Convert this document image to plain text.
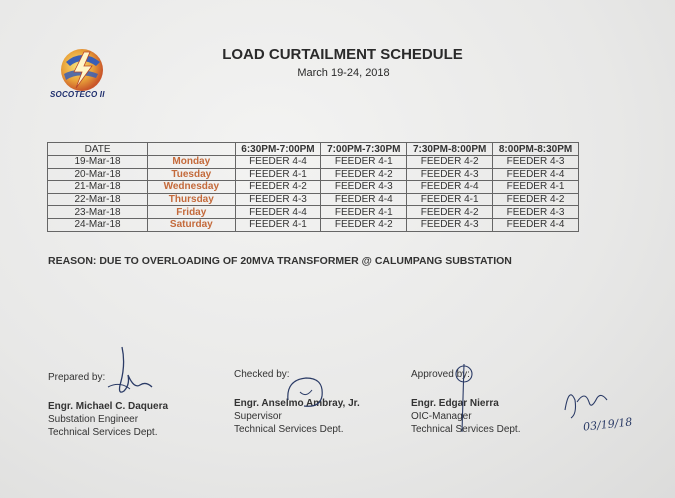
SOCOTECO II
LOAD CURTAILMENT SCHEDULE
March 19-24, 2018
DATE		6:30PM-7:00PM	7:00PM-7:30PM	7:30PM-8:00PM	8:00PM-8:30PM
19-Mar-18	Monday	FEEDER 4-4	FEEDER 4-1	FEEDER 4-2	FEEDER 4-3
20-Mar-18	Tuesday	FEEDER 4-1	FEEDER 4-2	FEEDER 4-3	FEEDER 4-4
21-Mar-18	Wednesday	FEEDER 4-2	FEEDER 4-3	FEEDER 4-4	FEEDER 4-1
22-Mar-18	Thursday	FEEDER 4-3	FEEDER 4-4	FEEDER 4-1	FEEDER 4-2
23-Mar-18	Friday	FEEDER 4-4	FEEDER 4-1	FEEDER 4-2	FEEDER 4-3
24-Mar-18	Saturday	FEEDER 4-1	FEEDER 4-2	FEEDER 4-3	FEEDER 4-4
REASON: DUE TO OVERLOADING OF 20MVA TRANSFORMER @ CALUMPANG SUBSTATION
Prepared by:
Engr. Michael C. Daquera
Substation Engineer
Technical Services Dept.
Checked by:
Engr. Anselmo Ambray, Jr.
Supervisor
Technical Services Dept.
Approved by:
Engr. Edgar Nierra
OIC-Manager
Technical Services Dept.	03/19/18
